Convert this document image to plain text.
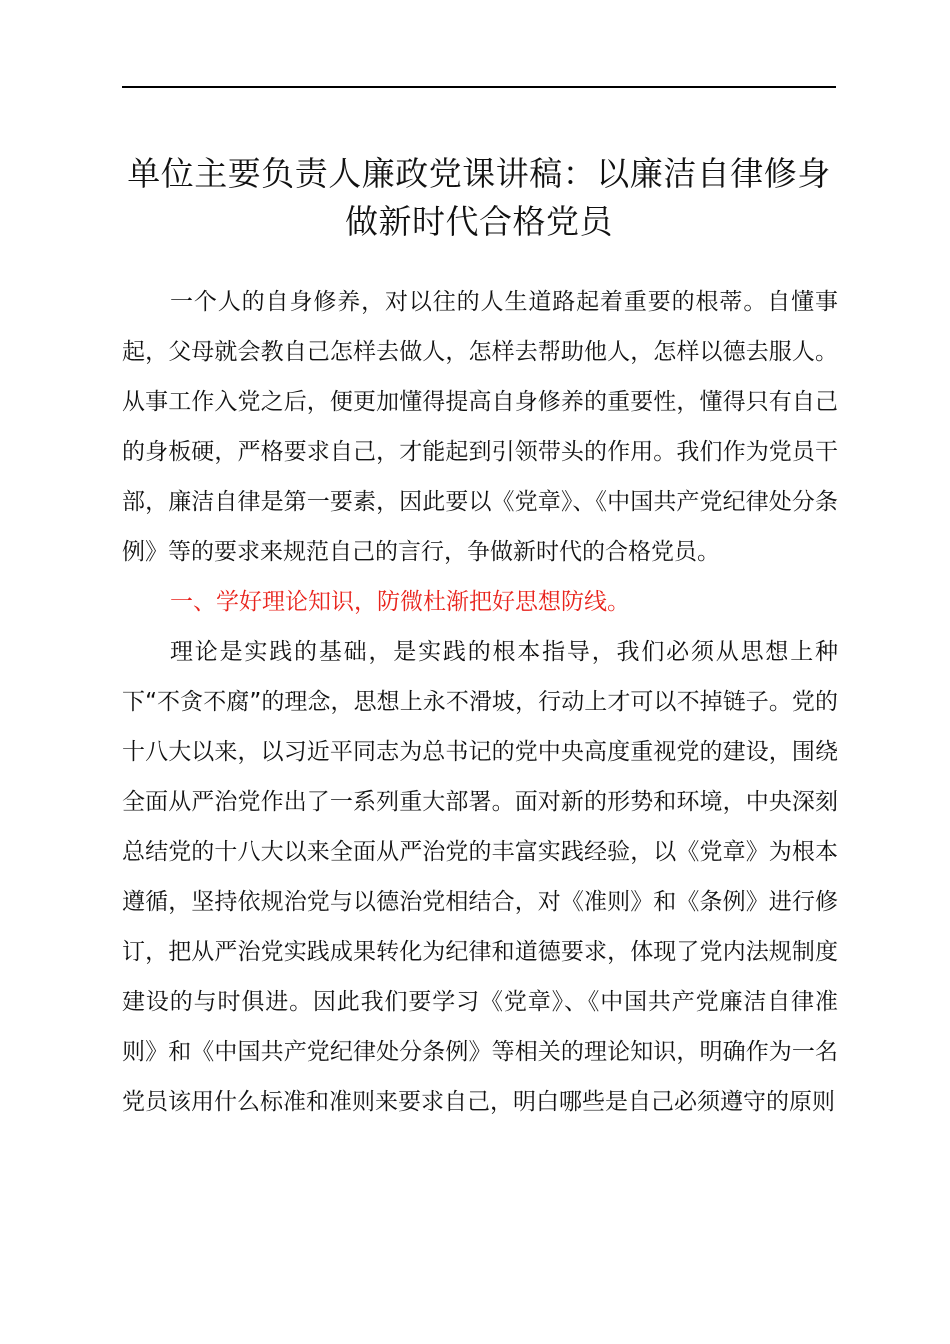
单位主要负责人廉政党课讲稿：以廉洁自律修身做新时代合格党员

一个人的自身修养，对以往的人生道路起着重要的根蒂。自懂事起，父母就会教自己怎样去做人，怎样去帮助他人，怎样以德去服人。从事工作入党之后，便更加懂得提高自身修养的重要性，懂得只有自己的身板硬，严格要求自己，才能起到引领带头的作用。我们作为党员干部，廉洁自律是第一要素，因此要以《党章》、《中国共产党纪律处分条例》等的要求来规范自己的言行，争做新时代的合格党员。

一、学好理论知识，防微杜渐把好思想防线。

理论是实践的基础，是实践的根本指导，我们必须从思想上种下“不贪不腐”的理念，思想上永不滑坡，行动上才可以不掉链子。党的十八大以来，以习近平同志为总书记的党中央高度重视党的建设，围绕全面从严治党作出了一系列重大部署。面对新的形势和环境，中央深刻总结党的十八大以来全面从严治党的丰富实践经验，以《党章》为根本遵循，坚持依规治党与以德治党相结合，对《准则》和《条例》进行修订，把从严治党实践成果转化为纪律和道德要求，体现了党内法规制度建设的与时俱进。因此我们要学习《党章》、《中国共产党廉洁自律准则》和《中国共产党纪律处分条例》等相关的理论知识，明确作为一名党员该用什么标准和准则来要求自己，明白哪些是自己必须遵守的原则
